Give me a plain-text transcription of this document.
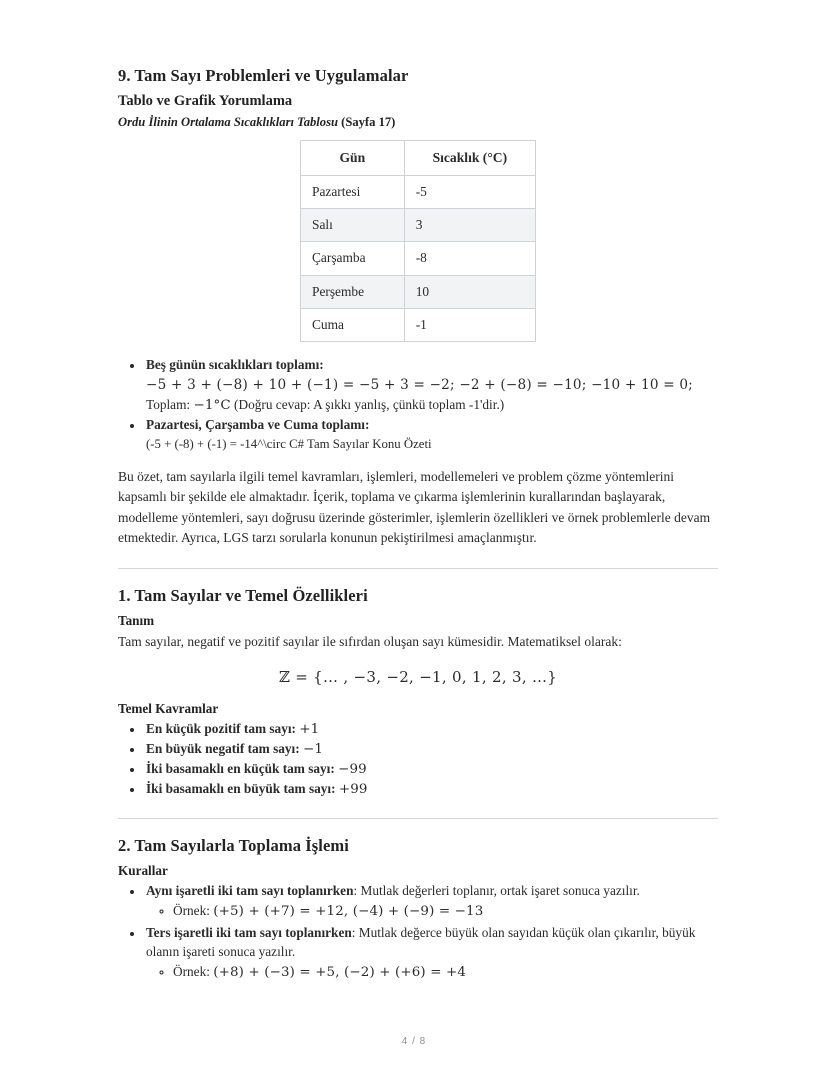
9. Tam Sayı Problemleri ve Uygulamalar
Tablo ve Grafik Yorumlama
Ordu İlinin Ortalama Sıcaklıkları Tablosu (Sayfa 17)
Gün	Sıcaklık (°C)
Pazartesi	-5
Salı	3
Çarşamba	-8
Perşembe	10
Cuma	-1
• Beş günün sıcaklıkları toplamı:
−5 + 3 + (−8) + 10 + (−1) = −5 + 3 = −2; −2 + (−8) = −10; −10 + 10 = 0;
Toplam: −1°C (Doğru cevap: A şıkkı yanlış, çünkü toplam -1'dir.)
• Pazartesi, Çarşamba ve Cuma toplamı:
(-5 + (-8) + (-1) = -14^\circ C# Tam Sayılar Konu Özeti

Bu özet, tam sayılarla ilgili temel kavramları, işlemleri, modellemeleri ve problem çözme yöntemlerini kapsamlı bir şekilde ele almaktadır. İçerik, toplama ve çıkarma işlemlerinin kurallarından başlayarak, modelleme yöntemleri, sayı doğrusu üzerinde gösterimler, işlemlerin özellikleri ve örnek problemlerle devam etmektedir. Ayrıca, LGS tarzı sorularla konunun pekiştirilmesi amaçlanmıştır.

1. Tam Sayılar ve Temel Özellikleri
Tanım

Tam sayılar, negatif ve pozitif sayılar ile sıfırdan oluşan sayı kümesidir. Matematiksel olarak:

ℤ = {… , −3, −2, −1, 0, 1, 2, 3, …}
Temel Kavramlar
• En küçük pozitif tam sayı: +1
• En büyük negatif tam sayı: −1
• İki basamaklı en küçük tam sayı: −99
• İki basamaklı en büyük tam sayı: +99
2. Tam Sayılarla Toplama İşlemi
Kurallar
• Aynı işaretli iki tam sayı toplanırken: Mutlak değerleri toplanır, ortak işaret sonuca yazılır.
◦ Örnek: (+5) + (+7) = +12, (−4) + (−9) = −13
• Ters işaretli iki tam sayı toplanırken: Mutlak değerce büyük olan sayıdan küçük olan çıkarılır, büyük olanın işareti sonuca yazılır.
◦ Örnek: (+8) + (−3) = +5, (−2) + (+6) = +4
4 / 8
